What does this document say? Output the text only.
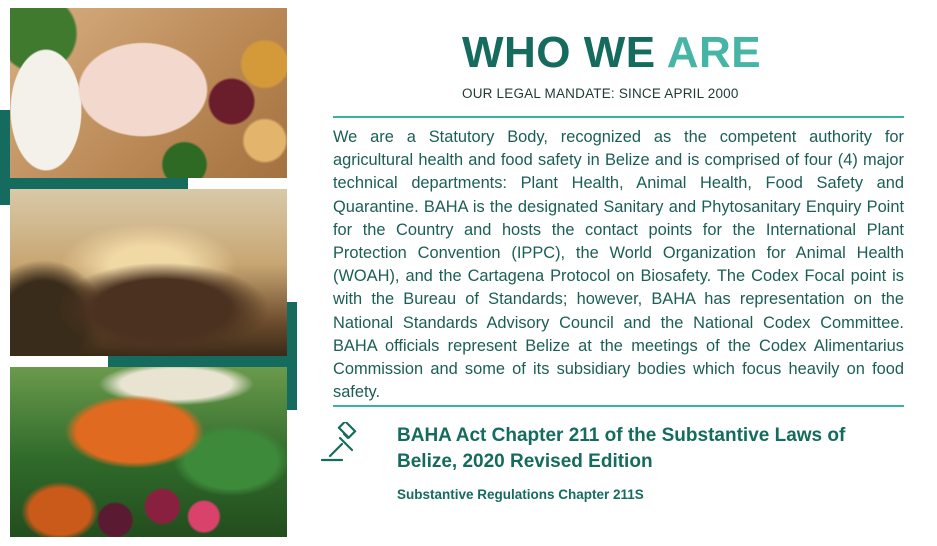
WHO WE ARE
OUR LEGAL MANDATE: SINCE APRIL 2000

We are a Statutory Body, recognized as the competent authority for agricultural health and food safety in Belize and is comprised of four (4) major technical departments: Plant Health, Animal Health, Food Safety and Quarantine. BAHA is the designated Sanitary and Phytosanitary Enquiry Point for the Country and hosts the contact points for the International Plant Protection Convention (IPPC), the World Organization for Animal Health (WOAH), and the Cartagena Protocol on Biosafety. The Codex Focal point is with the Bureau of Standards; however, BAHA has representation on the National Standards Advisory Council and the National Codex Committee. BAHA officials represent Belize at the meetings of the Codex Alimentarius Commission and some of its subsidiary bodies which focus heavily on food safety.

BAHA Act Chapter 211 of the Substantive Laws of Belize, 2020 Revised Edition

Substantive Regulations Chapter 211S
